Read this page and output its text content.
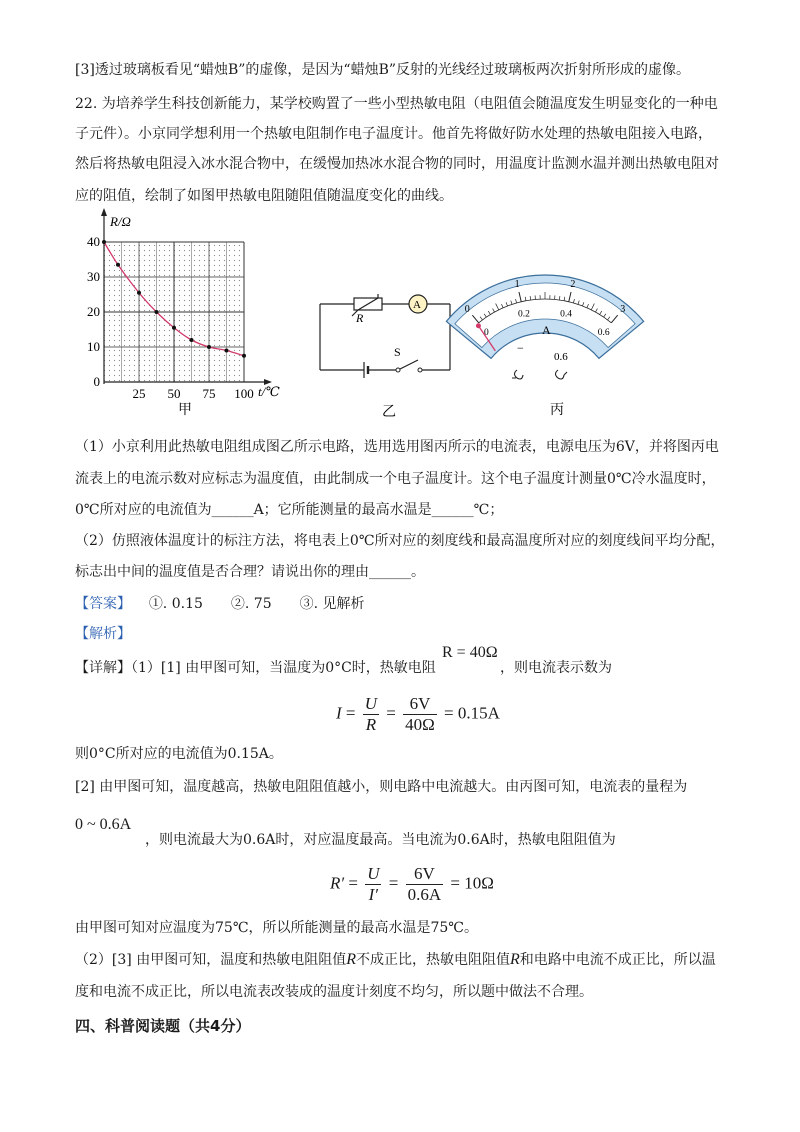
[3]透过玻璃板看见“蜡烛B”的虚像，是因为“蜡烛B”反射的光线经过玻璃板两次折射所形成的虚像。
22. 为培养学生科技创新能力，某学校购置了一些小型热敏电阻（电阻值会随温度发生明显变化的一种电
子元件）。小京同学想利用一个热敏电阻制作电子温度计。他首先将做好防水处理的热敏电阻接入电路，
然后将热敏电阻浸入冰水混合物中，在缓慢加热冰水混合物的同时，用温度计监测水温并测出热敏电阻对
应的阻值，绘制了如图甲热敏电阻随阻值随温度变化的曲线。
R/Ω
t/℃
0
10
20
30
40
25 50 75 100
甲
R
A
S
乙
0
1	2
3
0
0.2	0.4
0.6
A
−
0.6
丙
（1）小京利用此热敏电阻组成图乙所示电路，选用选用图丙所示的电流表，电源电压为6V，并将图丙电
流表上的电流示数对应标志为温度值，由此制成一个电子温度计。这个电子温度计测量0℃冷水温度时，
0℃所对应的电流值为______A；它所能测量的最高水温是______℃；
（2）仿照液体温度计的标注方法，将电表上0℃所对应的刻度线和最高温度所对应的刻度线间平均分配，
标志出中间的温度值是否合理？请说出你的理由______。
【答案】 ①. 0.15　　②. 75　　③. 见解析
【解析】
【详解】（1）[1] 由甲图可知，当温度为0°C时，热敏电阻
R = 40Ω
，则电流表示数为
$I = \frac{U}{R} = \frac{6V}{40\Omega} = 0.15A$
则0°C所对应的电流值为0.15A。
[2] 由甲图可知，温度越高，热敏电阻阻值越小，则电路中电流越大。由丙图可知，电流表的量程为
0 ~ 0.6A
，则电流最大为0.6A时，对应温度最高。当电流为0.6A时，热敏电阻阻值为
$R' = \frac{U}{I'} = \frac{6V}{0.6A} = 10\Omega$
由甲图可知对应温度为75℃，所以所能测量的最高水温是75℃。
（2）[3] 由甲图可知，温度和热敏电阻阻值R不成正比，热敏电阻阻值R和电路中电流不成正比，所以温
度和电流不成正比，所以电流表改装成的温度计刻度不均匀，所以题中做法不合理。
四、科普阅读题（共4分）
